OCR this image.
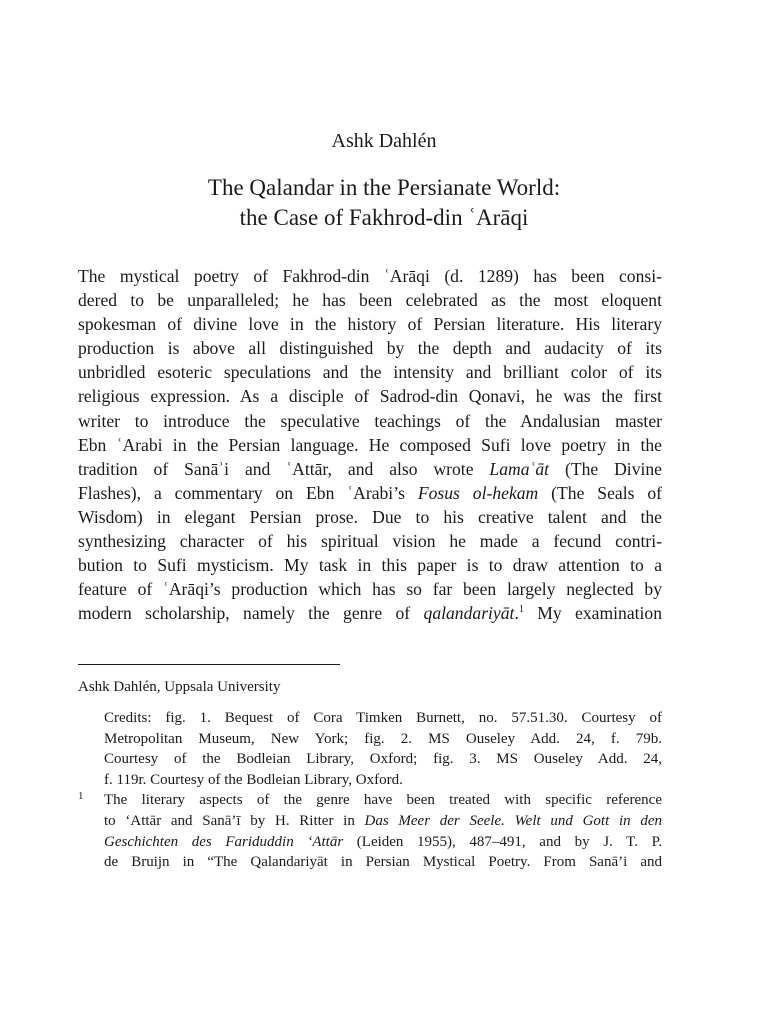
Ashk Dahlén
The Qalandar in the Persianate World:
the Case of Fakhrod-din ʿArāqi
The mystical poetry of Fakhrod-din ʿArāqi (d. 1289) has been consi-
dered to be unparalleled; he has been celebrated as the most eloquent
spokesman of divine love in the history of Persian literature. His literary
production is above all distinguished by the depth and audacity of its
unbridled esoteric speculations and the intensity and brilliant color of its
religious expression. As a disciple of Sadrod-din Qonavi, he was the first
writer to introduce the speculative teachings of the Andalusian master
Ebn ʿArabi in the Persian language. He composed Sufi love poetry in the
tradition of Sanāʾi and ʿAttār, and also wrote Lamaʿāt (The Divine
Flashes), a commentary on Ebn ʿArabi’s Fosus ol-hekam (The Seals of
Wisdom) in elegant Persian prose. Due to his creative talent and the
synthesizing character of his spiritual vision he made a fecund contri-
bution to Sufi mysticism. My task in this paper is to draw attention to a
feature of ʿArāqi’s production which has so far been largely neglected by
modern scholarship, namely the genre of qalandariyāt.$^1$ My examination
Ashk Dahlén, Uppsala University
Credits: fig. 1. Bequest of Cora Timken Burnett, no. 57.51.30. Courtesy of
Metropolitan Museum, New York; fig. 2. MS Ouseley Add. 24, f. 79b.
Courtesy of the Bodleian Library, Oxford; fig. 3. MS Ouseley Add. 24,
f. 119r. Courtesy of the Bodleian Library, Oxford.
1 The literary aspects of the genre have been treated with specific reference
to ‘Attār and Sanā’ī by H. Ritter in Das Meer der Seele. Welt und Gott in den
Geschichten des Fariduddin ‘Attār (Leiden 1955), 487–491, and by J. T. P.
de Bruijn in “The Qalandariyāt in Persian Mystical Poetry. From Sanā’i and
